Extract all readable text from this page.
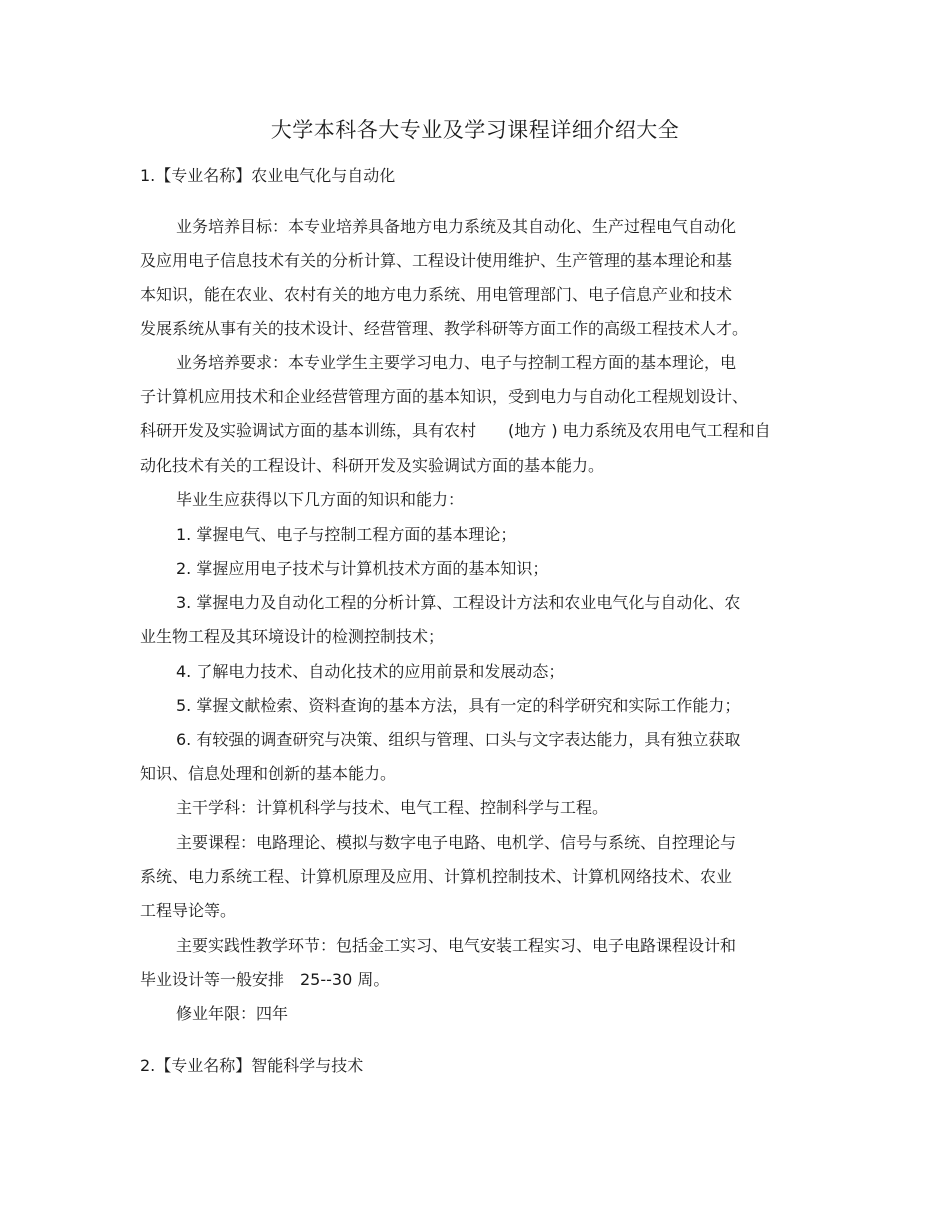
大学本科各大专业及学习课程详细介绍大全
1.【专业名称】农业电气化与自动化
业务培养目标：本专业培养具备地方电力系统及其自动化、生产过程电气自动化
及应用电子信息技术有关的分析计算、工程设计使用维护、生产管理的基本理论和基
本知识，能在农业、农村有关的地方电力系统、用电管理部门、电子信息产业和技术
发展系统从事有关的技术设计、经营管理、教学科研等方面工作的高级工程技术人才。
业务培养要求：本专业学生主要学习电力、电子与控制工程方面的基本理论，电
子计算机应用技术和企业经营管理方面的基本知识，受到电力与自动化工程规划设计、
科研开发及实验调试方面的基本训练，具有农村　　(地方 ) 电力系统及农用电气工程和自
动化技术有关的工程设计、科研开发及实验调试方面的基本能力。
毕业生应获得以下几方面的知识和能力：
1. 掌握电气、电子与控制工程方面的基本理论；
2. 掌握应用电子技术与计算机技术方面的基本知识；
3. 掌握电力及自动化工程的分析计算、工程设计方法和农业电气化与自动化、农
业生物工程及其环境设计的检测控制技术；
4. 了解电力技术、自动化技术的应用前景和发展动态；
5. 掌握文献检索、资料查询的基本方法，具有一定的科学研究和实际工作能力；
6. 有较强的调查研究与决策、组织与管理、口头与文字表达能力，具有独立获取
知识、信息处理和创新的基本能力。
主干学科：计算机科学与技术、电气工程、控制科学与工程。
主要课程：电路理论、模拟与数字电子电路、电机学、信号与系统、自控理论与
系统、电力系统工程、计算机原理及应用、计算机控制技术、计算机网络技术、农业
工程导论等。
主要实践性教学环节：包括金工实习、电气安装工程实习、电子电路课程设计和
毕业设计等一般安排　25--30 周。
修业年限：四年
2.【专业名称】智能科学与技术
